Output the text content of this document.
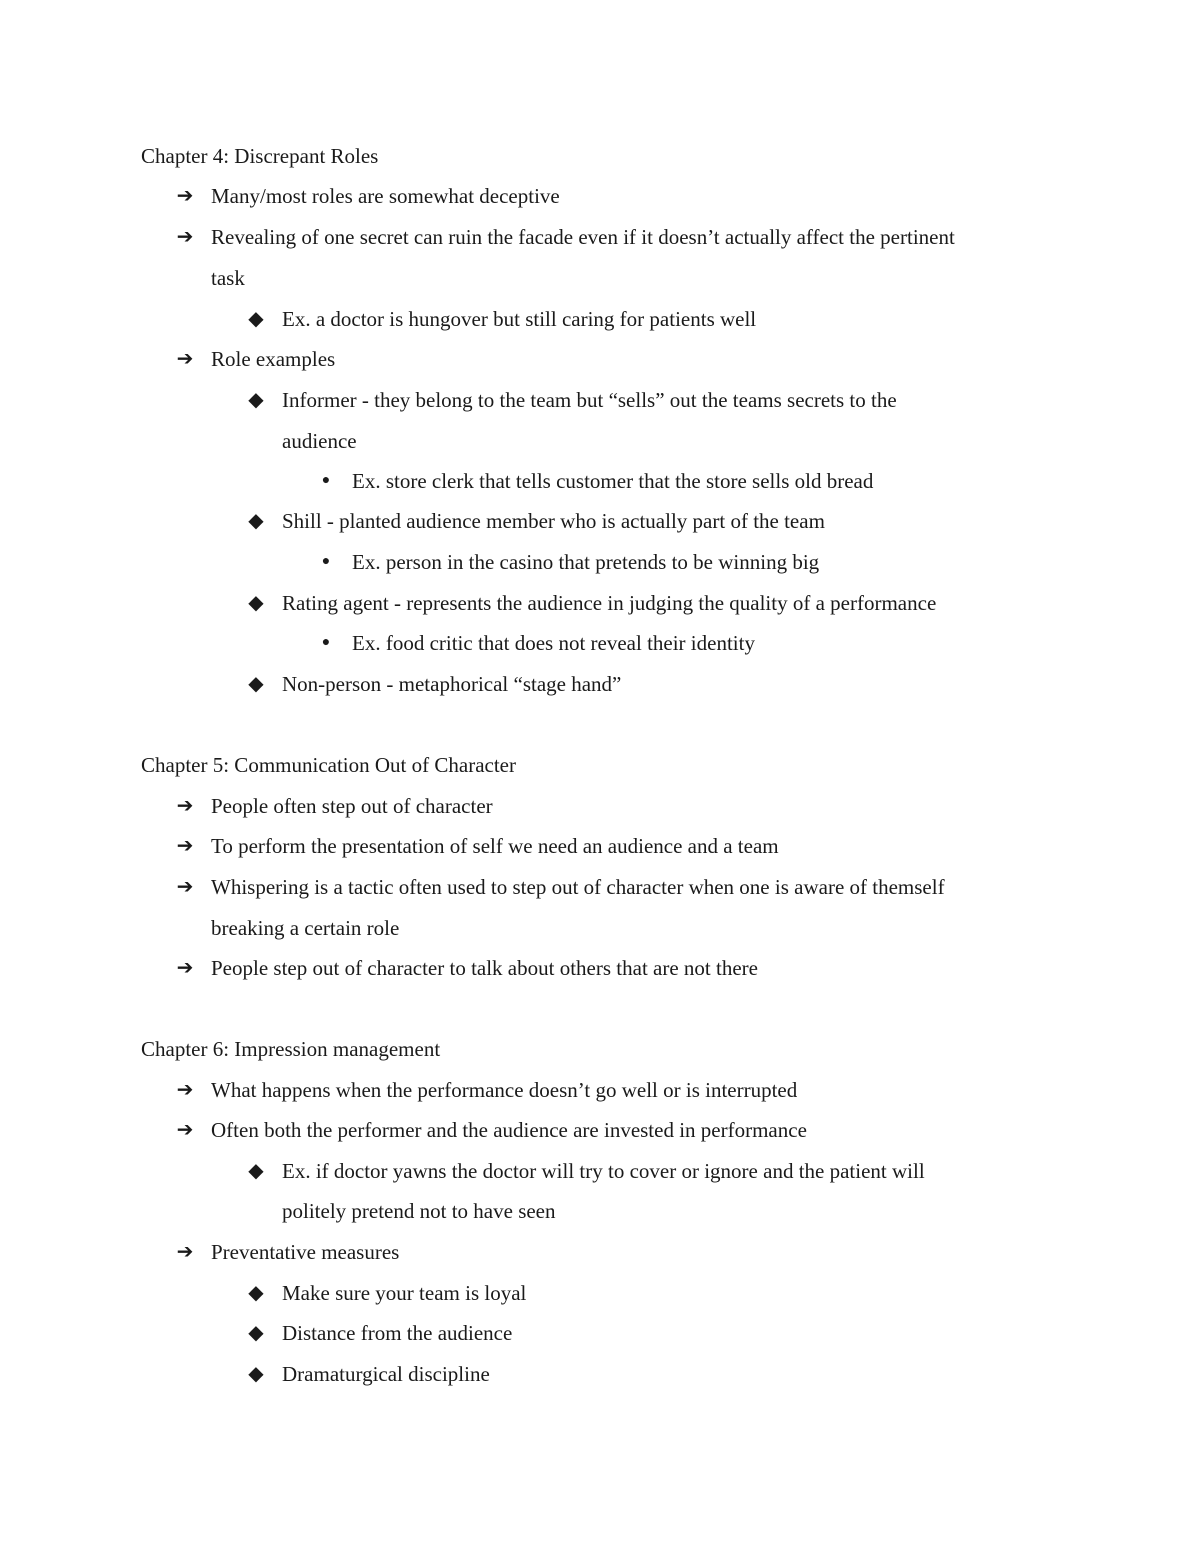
Chapter 4: Discrepant Roles
➔ Many/most roles are somewhat deceptive
➔ Revealing of one secret can ruin the facade even if it doesn’t actually affect the pertinent
task
◆ Ex. a doctor is hungover but still caring for patients well
➔ Role examples
◆ Informer - they belong to the team but “sells” out the teams secrets to the
audience
●	Ex. store clerk that tells customer that the store sells old bread
◆ Shill - planted audience member who is actually part of the team
●	Ex. person in the casino that pretends to be winning big
◆ Rating agent - represents the audience in judging the quality of a performance
●	Ex. food critic that does not reveal their identity
◆ Non-person - metaphorical “stage hand”
Chapter 5: Communication Out of Character
➔ People often step out of character
➔ To perform the presentation of self we need an audience and a team
➔ Whispering is a tactic often used to step out of character when one is aware of themself
breaking a certain role
➔ People step out of character to talk about others that are not there
Chapter 6: Impression management
➔ What happens when the performance doesn’t go well or is interrupted
➔ Often both the performer and the audience are invested in performance
◆ Ex. if doctor yawns the doctor will try to cover or ignore and the patient will
politely pretend not to have seen
➔ Preventative measures
◆ Make sure your team is loyal
◆ Distance from the audience
◆ Dramaturgical discipline
